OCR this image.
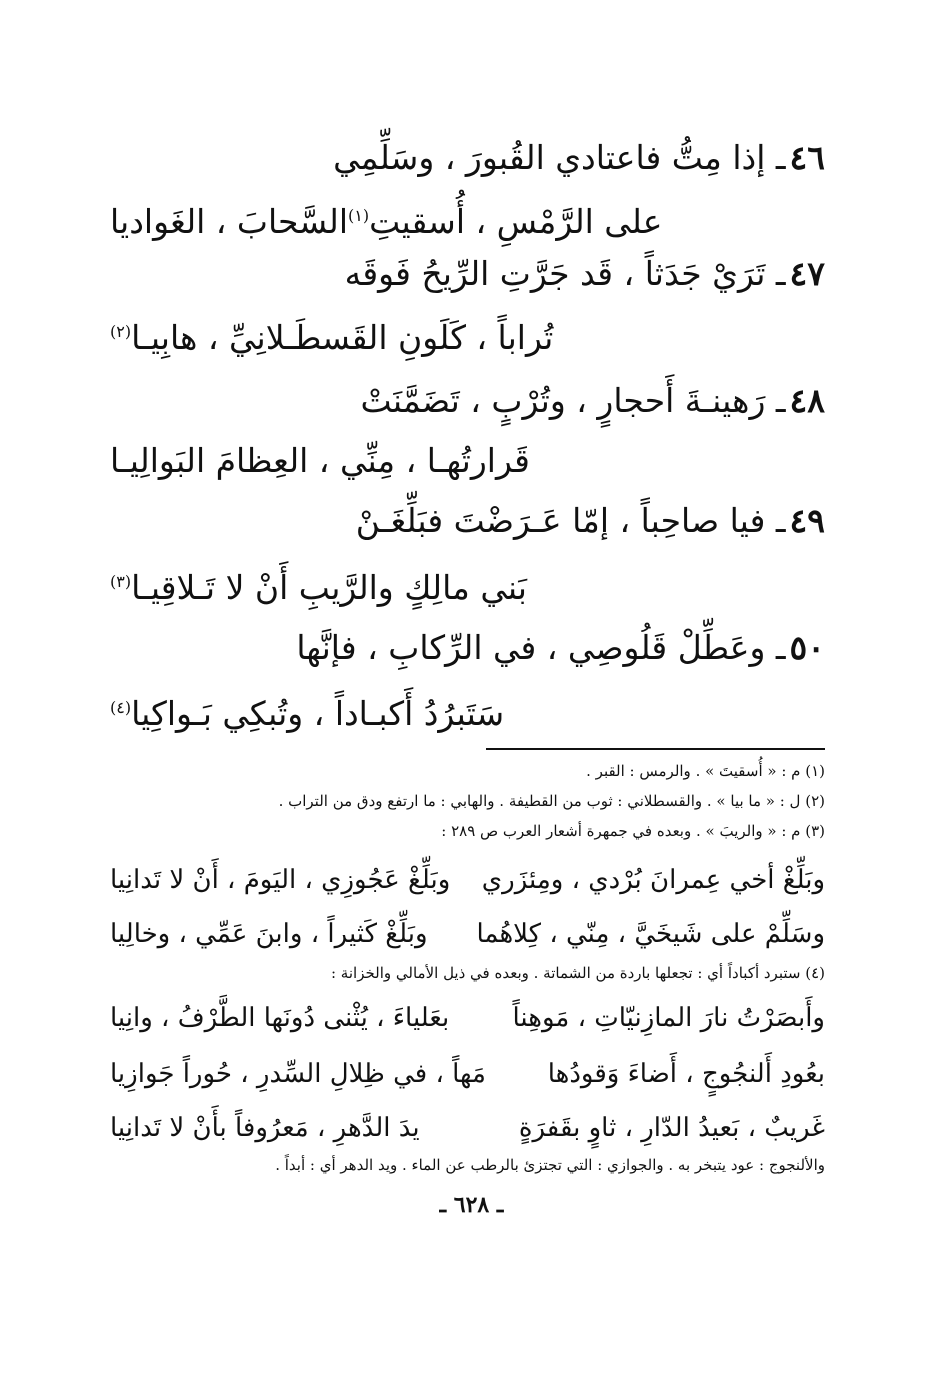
٤٦ـ إذا مِتُّ فاعتادي القُبورَ ، وسَلِّمِي
على الرَّمْسِ ، أُسقيتِ$^{(١)}$السَّحابَ ، الغَواديا
٤٧ـ تَرَيْ جَدَثاً ، قَد جَرَّتِ الرِّيحُ فَوقَه
تُراباً ، كَلَونِ القَسطَـلانِيِّ ، هابِيـا$^{(٢)}$
٤٨ـ رَهينـةَ أَحجارٍ ، وتُرْبٍ ، تَضَمَّنَتْ
قَرارتُهـا ، مِنِّي ، العِظامَ البَوالِيـا
٤٩ـ فيا صاحِباً ، إمّا عَـرَضْتَ فبَلِّغَـنْ
بَني مالِكٍ والرَّيبِ أَنْ لا تَـلاقِيـا$^{(٣)}$
٥٠ـ وعَطِّلْ قَلُوصِي ، في الرِّكابِ ، فإنَّها
سَتَبرُدُ أَكبـاداً ، وتُبكِي بَـواكِيا$^{(٤)}$
(١) م : « أُسقيتَ » . والرمس : القبر .
(٢) ل : « ما بيا » . والقسطلاني : ثوب من القطيفة . والهابي : ما ارتفع ودق من التراب .
(٣) م : « والريبَ » . وبعده في جمهرة أشعار العرب ص ٢٨٩ :
وبَلِّغْ أخي عِمرانَ بُرْدي ، ومِئزَري
وبَلِّغْ عَجُوزِي ، اليَومَ ، أَنْ لا تَدانِيا
وسَلِّمْ على شَيخَيَّ ، مِنّي ، كِلاهُما
وبَلِّغْ كَثيراً ، وابنَ عَمِّي ، وخالِيا
(٤) ستبرد أكباداً أي : تجعلها باردة من الشماتة . وبعده في ذيل الأمالي والخزانة :
وأَبصَرْتُ نارَ المازِنيّاتِ ، مَوهِناً
بعَلياءَ ، يُثْنى دُونَها الطَّرْفُ ، وانِيا
بعُودِ أَلنجُوجٍ ، أَضاءَ وَقودُها
مَهاً ، في ظِلالِ السِّدرِ ، حُوراً جَوازِيا
غَريبٌ ، بَعيدُ الدّارِ ، ثاوٍ بقَفرَةٍ
يدَ الدَّهرِ ، مَعرُوفاً بأَنْ لا تَدانِيا
والألنجوج : عود يتبخر به . والجوازي : التي تجتزئ بالرطب عن الماء . ويد الدهر أي : أبداً .
ـ ٦٢٨ ـ
